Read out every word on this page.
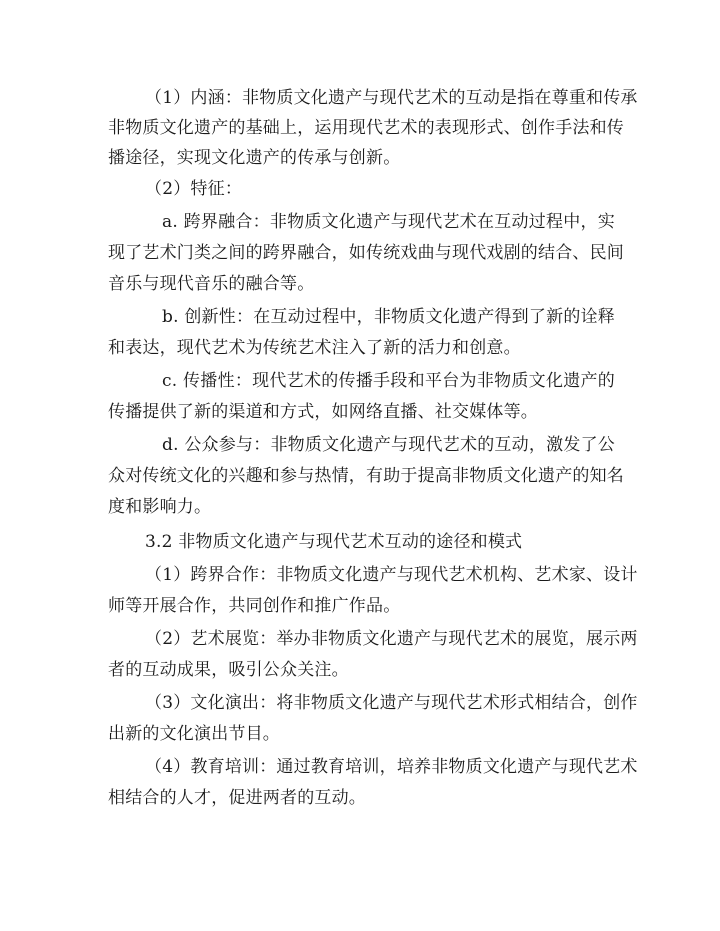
（1）内涵：非物质文化遗产与现代艺术的互动是指在尊重和传承
非物质文化遗产的基础上，运用现代艺术的表现形式、创作手法和传
播途径，实现文化遗产的传承与创新。
（2）特征：
a. 跨界融合：非物质文化遗产与现代艺术在互动过程中，实
现了艺术门类之间的跨界融合，如传统戏曲与现代戏剧的结合、民间
音乐与现代音乐的融合等。
b. 创新性：在互动过程中，非物质文化遗产得到了新的诠释
和表达，现代艺术为传统艺术注入了新的活力和创意。
c. 传播性：现代艺术的传播手段和平台为非物质文化遗产的
传播提供了新的渠道和方式，如网络直播、社交媒体等。
d. 公众参与：非物质文化遗产与现代艺术的互动，激发了公
众对传统文化的兴趣和参与热情，有助于提高非物质文化遗产的知名
度和影响力。
3.2 非物质文化遗产与现代艺术互动的途径和模式
（1）跨界合作：非物质文化遗产与现代艺术机构、艺术家、设计
师等开展合作，共同创作和推广作品。
（2）艺术展览：举办非物质文化遗产与现代艺术的展览，展示两
者的互动成果，吸引公众关注。
（3）文化演出：将非物质文化遗产与现代艺术形式相结合，创作
出新的文化演出节目。
（4）教育培训：通过教育培训，培养非物质文化遗产与现代艺术
相结合的人才，促进两者的互动。
